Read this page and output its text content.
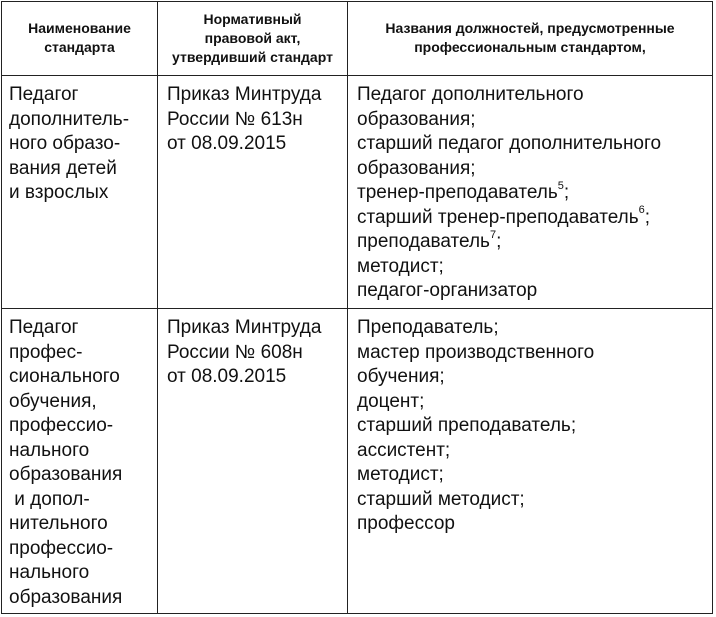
Наименование
стандарта
Нормативный
правовой акт,
утвердивший стандарт
Названия должностей, предусмотренные
профессиональным стандартом,
Педагог
дополнитель-
ного образо-
вания детей
и взрослых
Приказ Минтруда
России № 613н
от 08.09.2015
Педагог дополнительного
образования;
старший педагог дополнительного
образования;
тренер-преподаватель$^5$;
старший тренер-преподаватель$^6$;
преподаватель$^7$;
методист;
педагог-организатор
Педагог
профес-
сионального
обучения,
профессио-
нального
образования
и допол-
нительного
профессио-
нального
образования
Приказ Минтруда
России № 608н
от 08.09.2015
Преподаватель;
мастер производственного
обучения;
доцент;
старший преподаватель;
ассистент;
методист;
старший методист;
профессор
